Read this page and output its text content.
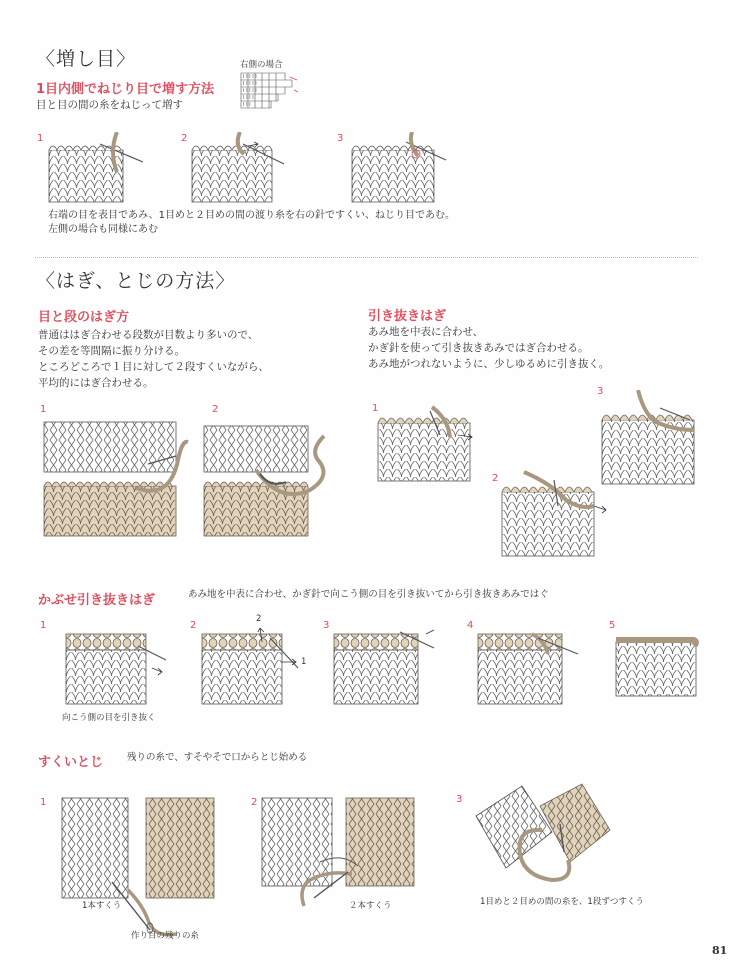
〈増し目〉	右側の場合
I I I I I
I I I I I
I I I I I
I I I I
I I I
1目内側でねじり目で増す方法
目と目の間の糸をねじって増す
1	2	3
右端の目を表目であみ、1目めと２目めの間の渡り糸を右の針ですくい、ねじり目であむ。
左側の場合も同様にあむ
〈はぎ、とじの方法〉
目と段のはぎ方
普通ははぎ合わせる段数が目数より多いので、
その差を等間隔に振り分ける。
ところどころで１目に対して２段すくいながら、
平均的にはぎ合わせる。
1	2
引き抜きはぎ
あみ地を中表に合わせ、
かぎ針を使って引き抜きあみではぎ合わせる。
あみ地がつれないように、少しゆるめに引き抜く。
1
2
3
かぶせ引き抜きはぎ	あみ地を中表に合わせ、かぎ針で向こう側の目を引き抜いてから引き抜きあみではぐ
1	2
2
1
3	4	5
向こう側の目を引き抜く
すくいとじ	残りの糸で、すそやそで口からとじ始める
1
1本すくう
作り目の残りの糸
2
２本すくう
3
1目めと２目めの間の糸を、1段ずつすくう
81
